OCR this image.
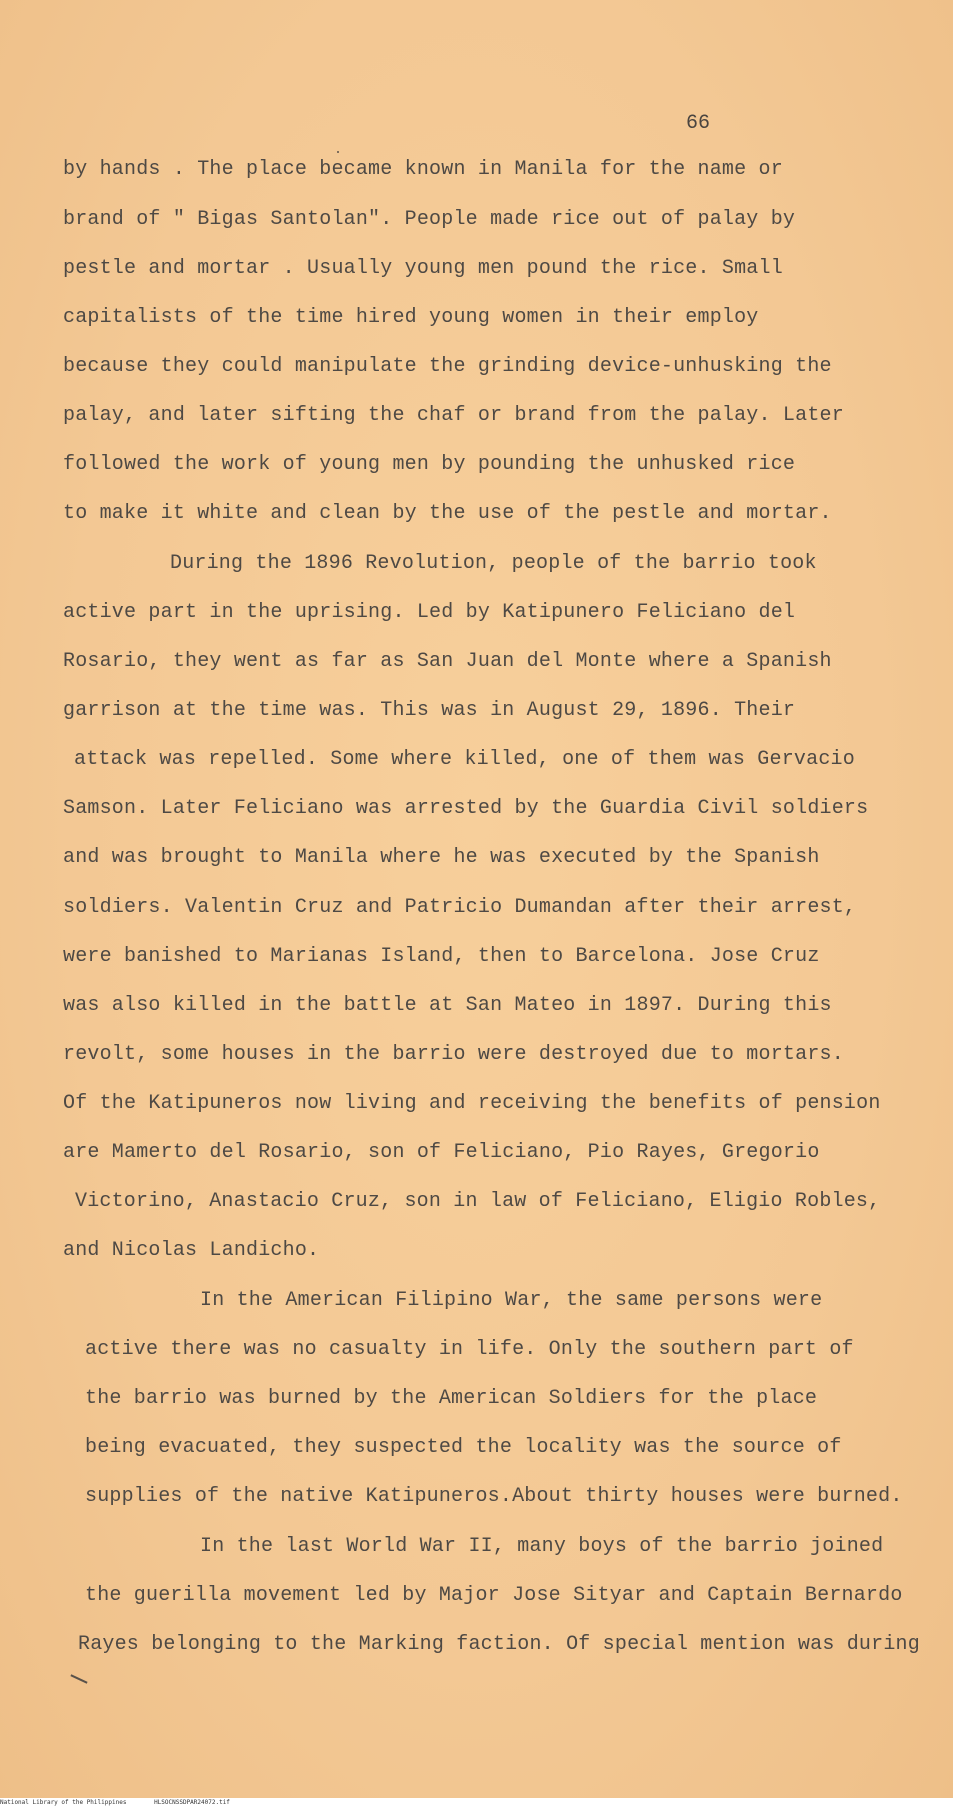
66
by hands . The place became known in Manila for the name or
brand of " Bigas Santolan". People made rice out of palay by
pestle and mortar . Usually young men pound the rice. Small
capitalists of the time hired young women in their employ
because they could manipulate the grinding device-unhusking the
palay, and later sifting the chaf or brand from the palay. Later
followed the work of young men by pounding the unhusked rice
to make it white and clean by the use of the pestle and mortar.
During the 1896 Revolution, people of the barrio took
active part in the uprising. Led by Katipunero Feliciano del
Rosario, they went as far as San Juan del Monte where a Spanish
garrison at the time was. This was in August 29, 1896. Their
attack was repelled. Some where killed, one of them was Gervacio
Samson. Later Feliciano was arrested by the Guardia Civil soldiers
and was brought to Manila where he was executed by the Spanish
soldiers. Valentin Cruz and Patricio Dumandan after their arrest,
were banished to Marianas Island, then to Barcelona. Jose Cruz
was also killed in the battle at San Mateo in 1897. During this
revolt, some houses in the barrio were destroyed due to mortars.
Of the Katipuneros now living and receiving the benefits of pension
are Mamerto del Rosario, son of Feliciano, Pio Rayes, Gregorio
Victorino, Anastacio Cruz, son in law of Feliciano, Eligio Robles,
and Nicolas Landicho.
In the American Filipino War, the same persons were
active there was no casualty in life. Only the southern part of
the barrio was burned by the American Soldiers for the place
being evacuated, they suspected the locality was the source of
supplies of the native Katipuneros.About thirty houses were burned.
In the last World War II, many boys of the barrio joined
the guerilla movement led by Major Jose Sityar and Captain Bernardo
Rayes belonging to the Marking faction. Of special mention was during
National Library of the Philippines	HLSOCNSSDPAR24072.tif
